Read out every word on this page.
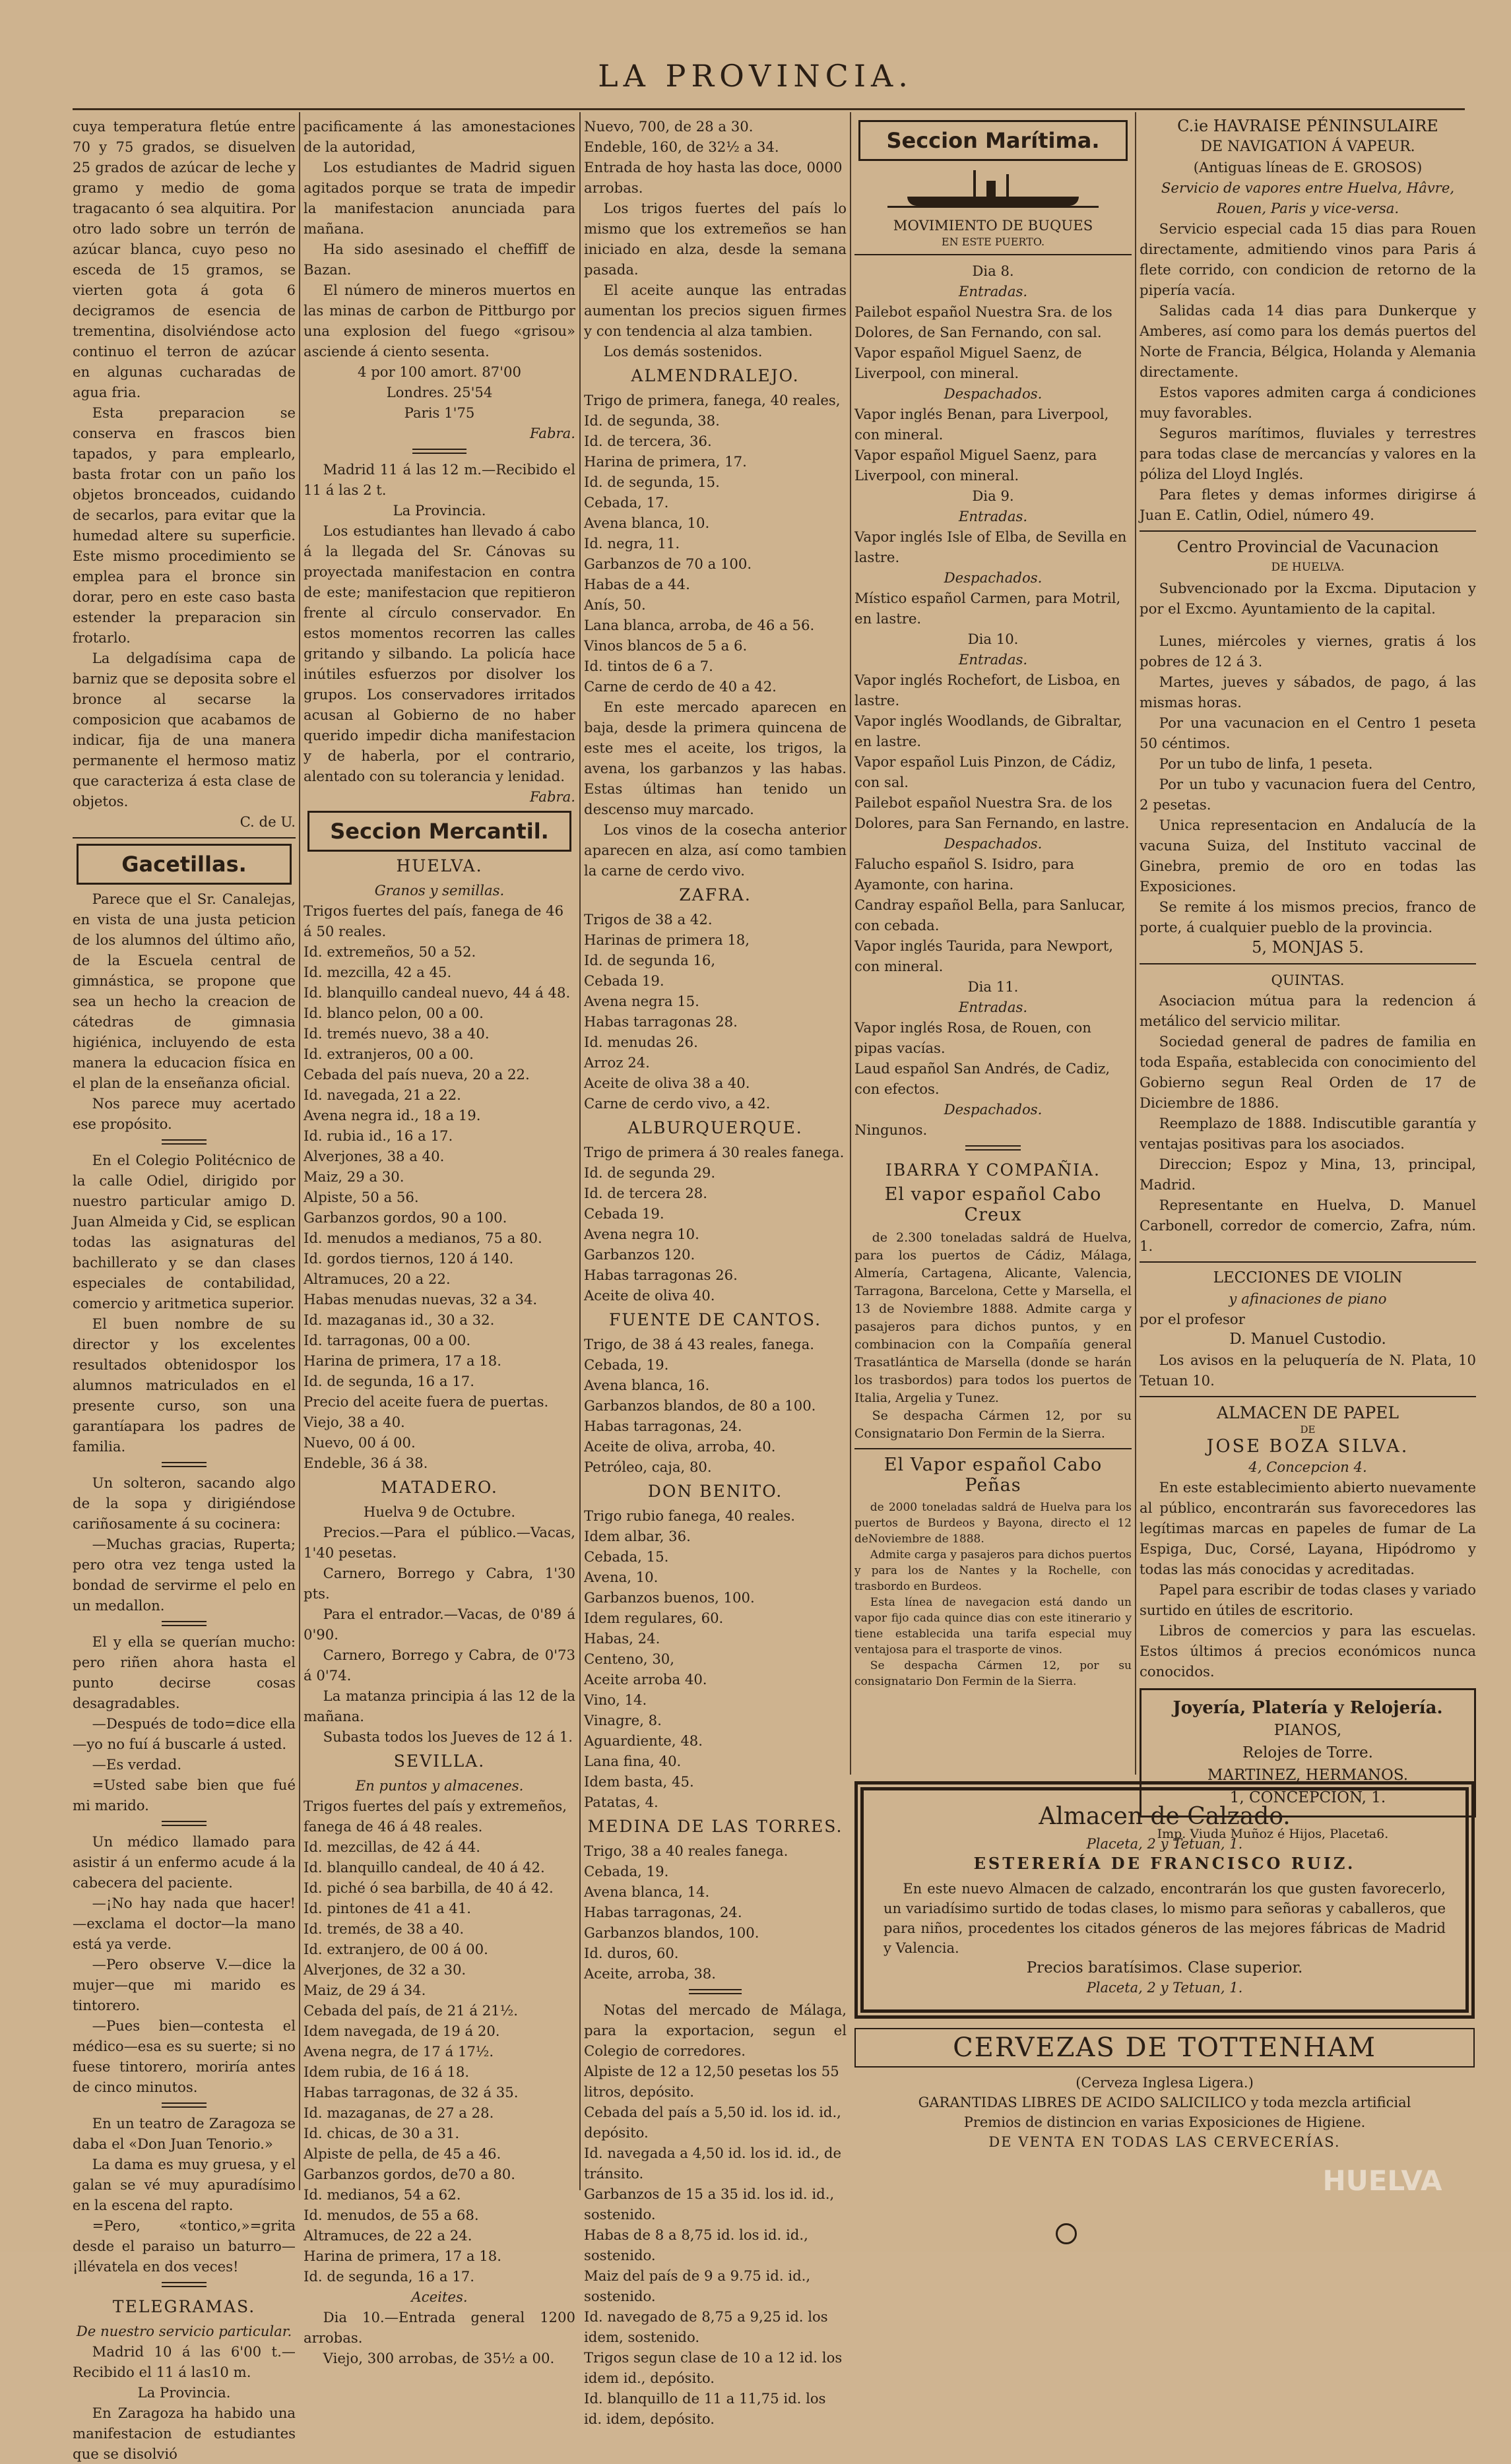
LA PROVINCIA.

cuya temperatura fletúe entre 70 y 75 grados, se disuelven 25 grados de azúcar de leche y gramo y medio de goma tragacanto ó sea alquitira. Por otro lado sobre un terrón de azúcar blanca, cuyo peso no esceda de 15 gramos, se vierten gota á gota 6 decigramos de esencia de trementina, disolviéndose acto continuo el terron de azúcar en algunas cucharadas de agua fria.

Esta preparacion se conserva en frascos bien tapados, y para emplearlo, basta frotar con un paño los objetos bronceados, cuidando de secarlos, para evitar que la humedad altere su superficie. Este mismo procedimiento se emplea para el bronce sin dorar, pero en este caso basta estender la preparacion sin frotarlo.

La delgadísima capa de barniz que se deposita sobre el bronce al secarse la composicion que acabamos de indicar, fija de una manera permanente el hermoso matiz que caracteriza á esta clase de objetos.

C. de U.

Gacetillas.

Parece que el Sr. Canalejas, en vista de una justa peticion de los alumnos del último año, de la Escuela central de gimnástica, se propone que sea un hecho la creacion de cátedras de gimnasia higiénica, incluyendo de esta manera la educacion física en el plan de la enseñanza oficial.

Nos parece muy acertado ese propósito.

En el Colegio Politécnico de la calle Odiel, dirigido por nuestro particular amigo D. Juan Almeida y Cid, se esplican todas las asignaturas del bachillerato y se dan clases especiales de contabilidad, comercio y aritmetica superior.

El buen nombre de su director y los excelentes resultados obtenidospor los alumnos matriculados en el presente curso, son una garantíapara los padres de familia.

Un solteron, sacando algo de la sopa y dirigiéndose cariñosamente á su cocinera:

—Muchas gracias, Ruperta; pero otra vez tenga usted la bondad de servirme el pelo en un medallon.

El y ella se querían mucho: pero riñen ahora hasta el punto decirse cosas desagradables.

—Después de todo=dice ella—yo no fuí á buscarle á usted.

—Es verdad.

=Usted sabe bien que fué mi marido.

Un médico llamado para asistir á un enfermo acude á la cabecera del paciente.

—¡No hay nada que hacer!—exclama el doctor—la mano está ya verde.

—Pero observe V.—dice la mujer—que mi marido es tintorero.

—Pues bien—contesta el médico—esa es su suerte; si no fuese tintorero, moriría antes de cinco minutos.

En un teatro de Zaragoza se daba el «Don Juan Tenorio.»

La dama es muy gruesa, y el galan se vé muy apuradísimo en la escena del rapto.

=Pero, «tontico,»=grita desde el paraiso un baturro—¡llévatela en dos veces!

TELEGRAMAS.

De nuestro servicio particular.

Madrid 10 á las 6'00 t.—Recibido el 11 á las10 m.

La Provincia.

En Zaragoza ha habido una manifestacion de estudiantes que se disolvió

pacificamente á las amonestaciones de la autoridad,

Los estudiantes de Madrid siguen agitados porque se trata de impedir la manifestacion anunciada para mañana.

Ha sido asesinado el cheffiff de Bazan.

El número de mineros muertos en las minas de carbon de Pittburgo por una explosion del fuego «grisou» asciende á ciento sesenta.

4 por 100 amort. 87'00

Londres. 25'54

Paris 1'75

Fabra.

Madrid 11 á las 12 m.—Recibido el 11 á las 2 t.

La Provincia.

Los estudiantes han llevado á cabo á la llegada del Sr. Cánovas su proyectada manifestacion en contra de este; manifestacion que repitieron frente al círculo conservador. En estos momentos recorren las calles gritando y silbando. La policía hace inútiles esfuerzos por disolver los grupos. Los conservadores irritados acusan al Gobierno de no haber querido impedir dicha manifestacion y de haberla, por el contrario, alentado con su tolerancia y lenidad.

Fabra.

Seccion Mercantil.
HUELVA.

Granos y semillas.

Trigos fuertes del país, fanega de 46 á 50 reales.

Id. extremeños, 50 a 52.

Id. mezcilla, 42 a 45.

Id. blanquillo candeal nuevo, 44 á 48.

Id. blanco pelon, 00 a 00.

Id. tremés nuevo, 38 a 40.

Id. extranjeros, 00 a 00.

Cebada del país nueva, 20 a 22.

Id. navegada, 21 a 22.

Avena negra id., 18 a 19.

Id. rubia id., 16 a 17.

Alverjones, 38 a 40.

Maiz, 29 a 30.

Alpiste, 50 a 56.

Garbanzos gordos, 90 a 100.

Id. menudos a medianos, 75 a 80.

Id. gordos tiernos, 120 á 140.

Altramuces, 20 a 22.

Habas menudas nuevas, 32 a 34.

Id. mazaganas id., 30 a 32.

Id. tarragonas, 00 a 00.

Harina de primera, 17 a 18.

Id. de segunda, 16 a 17.

Precio del aceite fuera de puertas.

Viejo, 38 a 40.

Nuevo, 00 á 00.

Endeble, 36 á 38.

MATADERO.

Huelva 9 de Octubre.

Precios.—Para el público.—Vacas, 1'40 pesetas.

Carnero, Borrego y Cabra, 1'30 pts.

Para el entrador.—Vacas, de 0'89 á 0'90.

Carnero, Borrego y Cabra, de 0'73 á 0'74.

La matanza principia á las 12 de la mañana.

Subasta todos los Jueves de 12 á 1.

SEVILLA.

En puntos y almacenes.

Trigos fuertes del país y extremeños, fanega de 46 á 48 reales.

Id. mezcillas, de 42 á 44.

Id. blanquillo candeal, de 40 á 42.

Id. piché ó sea barbilla, de 40 á 42.

Id. pintones de 41 a 41.

Id. tremés, de 38 a 40.

Id. extranjero, de 00 á 00.

Alverjones, de 32 a 30.

Maiz, de 29 á 34.

Cebada del país, de 21 á 21½.

Idem navegada, de 19 á 20.

Avena negra, de 17 á 17½.

Idem rubia, de 16 á 18.

Habas tarragonas, de 32 á 35.

Id. mazaganas, de 27 a 28.

Id. chicas, de 30 a 31.

Alpiste de pella, de 45 a 46.

Garbanzos gordos, de70 a 80.

Id. medianos, 54 a 62.

Id. menudos, de 55 a 68.

Altramuces, de 22 a 24.

Harina de primera, 17 a 18.

Id. de segunda, 16 a 17.

Aceites.

Dia 10.—Entrada general 1200 arrobas.

Viejo, 300 arrobas, de 35½ a 00.

Nuevo, 700, de 28 a 30.

Endeble, 160, de 32½ a 34.

Entrada de hoy hasta las doce, 0000 arrobas.

Los trigos fuertes del país lo mismo que los extremeños se han iniciado en alza, desde la semana pasada.

El aceite aunque las entradas aumentan los precios siguen firmes y con tendencia al alza tambien.

Los demás sostenidos.

ALMENDRALEJO.

Trigo de primera, fanega, 40 reales,

Id. de segunda, 38.

Id. de tercera, 36.

Harina de primera, 17.

Id. de segunda, 15.

Cebada, 17.

Avena blanca, 10.

Id. negra, 11.

Garbanzos de 70 a 100.

Habas de a 44.

Anís, 50.

Lana blanca, arroba, de 46 a 56.

Vinos blancos de 5 a 6.

Id. tintos de 6 a 7.

Carne de cerdo de 40 a 42.

En este mercado aparecen en baja, desde la primera quincena de este mes el aceite, los trigos, la avena, los garbanzos y las habas. Estas últimas han tenido un descenso muy marcado.

Los vinos de la cosecha anterior aparecen en alza, así como tambien la carne de cerdo vivo.

ZAFRA.

Trigos de 38 a 42.

Harinas de primera 18,

Id. de segunda 16,

Cebada 19.

Avena negra 15.

Habas tarragonas 28.

Id. menudas 26.

Arroz 24.

Aceite de oliva 38 a 40.

Carne de cerdo vivo, a 42.

ALBURQUERQUE.

Trigo de primera á 30 reales fanega.

Id. de segunda 29.

Id. de tercera 28.

Cebada 19.

Avena negra 10.

Garbanzos 120.

Habas tarragonas 26.

Aceite de oliva 40.

FUENTE DE CANTOS.

Trigo, de 38 á 43 reales, fanega.

Cebada, 19.

Avena blanca, 16.

Garbanzos blandos, de 80 a 100.

Habas tarragonas, 24.

Aceite de oliva, arroba, 40.

Petróleo, caja, 80.

DON BENITO.

Trigo rubio fanega, 40 reales.

Idem albar, 36.

Cebada, 15.

Avena, 10.

Garbanzos buenos, 100.

Idem regulares, 60.

Habas, 24.

Centeno, 30,

Aceite arroba 40.

Vino, 14.

Vinagre, 8.

Aguardiente, 48.

Lana fina, 40.

Idem basta, 45.

Patatas, 4.

MEDINA DE LAS TORRES.

Trigo, 38 a 40 reales fanega.

Cebada, 19.

Avena blanca, 14.

Habas tarragonas, 24.

Garbanzos blandos, 100.

Id. duros, 60.

Aceite, arroba, 38.

Notas del mercado de Málaga, para la exportacion, segun el Colegio de corredores.

Alpiste de 12 a 12,50 pesetas los 55 litros, depósito.

Cebada del país a 5,50 id. los id. id., depósito.

Id. navegada a 4,50 id. los id. id., de tránsito.

Garbanzos de 15 a 35 id. los id. id., sostenido.

Habas de 8 a 8,75 id. los id. id., sostenido.

Maiz del país de 9 a 9.75 id. id., sostenido.

Id. navegado de 8,75 a 9,25 id. los idem, sostenido.

Trigos segun clase de 10 a 12 id. los idem id., depósito.

Id. blanquillo de 11 a 11,75 id. los id. idem, depósito.

Seccion Marítima.

MOVIMIENTO DE BUQUES

EN ESTE PUERTO.

Dia 8.

Entradas.

Pailebot español Nuestra Sra. de los Dolores, de San Fernando, con sal.

Vapor español Miguel Saenz, de Liverpool, con mineral.

Despachados.

Vapor inglés Benan, para Liverpool, con mineral.

Vapor español Miguel Saenz, para Liverpool, con mineral.

Dia 9.

Entradas.

Vapor inglés Isle of Elba, de Sevilla en lastre.

Despachados.

Místico español Carmen, para Motril, en lastre.

Dia 10.

Entradas.

Vapor inglés Rochefort, de Lisboa, en lastre.

Vapor inglés Woodlands, de Gibraltar, en lastre.

Vapor español Luis Pinzon, de Cádiz, con sal.

Pailebot español Nuestra Sra. de los Dolores, para San Fernando, en lastre.

Despachados.

Falucho español S. Isidro, para Ayamonte, con harina.

Candray español Bella, para Sanlucar, con cebada.

Vapor inglés Taurida, para Newport, con mineral.

Dia 11.

Entradas.

Vapor inglés Rosa, de Rouen, con pipas vacías.

Laud español San Andrés, de Cadiz, con efectos.

Despachados.

Ningunos.

IBARRA Y COMPAÑIA.
El vapor español Cabo Creux

de 2.300 toneladas saldrá de Huelva, para los puertos de Cádiz, Málaga, Almería, Cartagena, Alicante, Valencia, Tarragona, Barcelona, Cette y Marsella, el 13 de Noviembre 1888. Admite carga y pasajeros para dichos puntos, y en combinacion con la Compañía general Trasatlántica de Marsella (donde se harán los trasbordos) para todos los puertos de Italia, Argelia y Tunez.

Se despacha Cármen 12, por su Consignatario Don Fermin de la Sierra.

El Vapor español Cabo Peñas

de 2000 toneladas saldrá de Huelva para los puertos de Burdeos y Bayona, directo el 12 deNoviembre de 1888.

Admite carga y pasajeros para dichos puertos y para los de Nantes y la Rochelle, con trasbordo en Burdeos.

Esta línea de navegacion está dando un vapor fijo cada quince dias con este itinerario y tiene establecida una tarifa especial muy ventajosa para el trasporte de vinos.

Se despacha Cármen 12, por su consignatario Don Fermin de la Sierra.

C.ie HAVRAISE PÉNINSULAIRE

DE NAVIGATION Á VAPEUR.

(Antiguas líneas de E. GROSOS)

Servicio de vapores entre Huelva, Hâvre, Rouen, Paris y vice-versa.

Servicio especial cada 15 dias para Rouen directamente, admitiendo vinos para Paris á flete corrido, con condicion de retorno de la pipería vacía.

Salidas cada 14 dias para Dunkerque y Amberes, así como para los demás puertos del Norte de Francia, Bélgica, Holanda y Alemania directamente.

Estos vapores admiten carga á condiciones muy favorables.

Seguros marítimos, fluviales y terrestres para todas clase de mercancías y valores en la póliza del Lloyd Inglés.

Para fletes y demas informes dirigirse á Juan E. Catlin, Odiel, número 49.

Centro Provincial de Vacunacion

DE HUELVA.

Subvencionado por la Excma. Diputacion y por el Excmo. Ayuntamiento de la capital.

Lunes, miércoles y viernes, gratis á los pobres de 12 á 3.

Martes, jueves y sábados, de pago, á las mismas horas.

Por una vacunacion en el Centro 1 peseta 50 céntimos.

Por un tubo de linfa, 1 peseta.

Por un tubo y vacunacion fuera del Centro, 2 pesetas.

Unica representacion en Andalucía de la vacuna Suiza, del Instituto vaccinal de Ginebra, premio de oro en todas las Exposiciones.

Se remite á los mismos precios, franco de porte, á cualquier pueblo de la provincia.

5, MONJAS 5.

QUINTAS.

Asociacion mútua para la redencion á metálico del servicio militar.

Sociedad general de padres de familia en toda España, establecida con conocimiento del Gobierno segun Real Orden de 17 de Diciembre de 1886.

Reemplazo de 1888. Indiscutible garantía y ventajas positivas para los asociados.

Direccion; Espoz y Mina, 13, principal, Madrid.

Representante en Huelva, D. Manuel Carbonell, corredor de comercio, Zafra, núm. 1.

LECCIONES DE VIOLIN

y afinaciones de piano

por el profesor

D. Manuel Custodio.

Los avisos en la peluquería de N. Plata, 10 Tetuan 10.

ALMACEN DE PAPEL

DE

JOSE BOZA SILVA.

4, Concepcion 4.

En este establecimiento abierto nuevamente al público, encontrarán sus favorecedores las legítimas marcas en papeles de fumar de La Espiga, Duc, Corsé, Layana, Hipódromo y todas las más conocidas y acreditadas.

Papel para escribir de todas clases y variado surtido en útiles de escritorio.

Libros de comercios y para las escuelas. Estos últimos á precios económicos nunca conocidos.

Joyería, Platería y Relojería.
PIANOS,
Relojes de Torre.
MARTINEZ, HERMANOS.
1, CONCEPCION, 1.

Imp. Viuda Muñoz é Hijos, Placeta6.

Almacen de Calzado.
Placeta, 2 y Tetuan, 1.
ESTERERÍA DE FRANCISCO RUIZ.
En este nuevo Almacen de calzado, encontrarán los que gusten favorecerlo, un variadísimo surtido de todas clases, lo mismo para señoras y caballeros, que para niños, procedentes los citados géneros de las mejores fábricas de Madrid y Valencia.
Precios baratísimos. Clase superior.
Placeta, 2 y Tetuan, 1.
CERVEZAS DE TOTTENHAM
(Cerveza Inglesa Ligera.)
GARANTIDAS LIBRES DE ACIDO SALICILICO y toda mezcla artificial
Premios de distincion en varias Exposiciones de Higiene.
DE VENTA EN TODAS LAS CERVECERÍAS.
HUELVA
